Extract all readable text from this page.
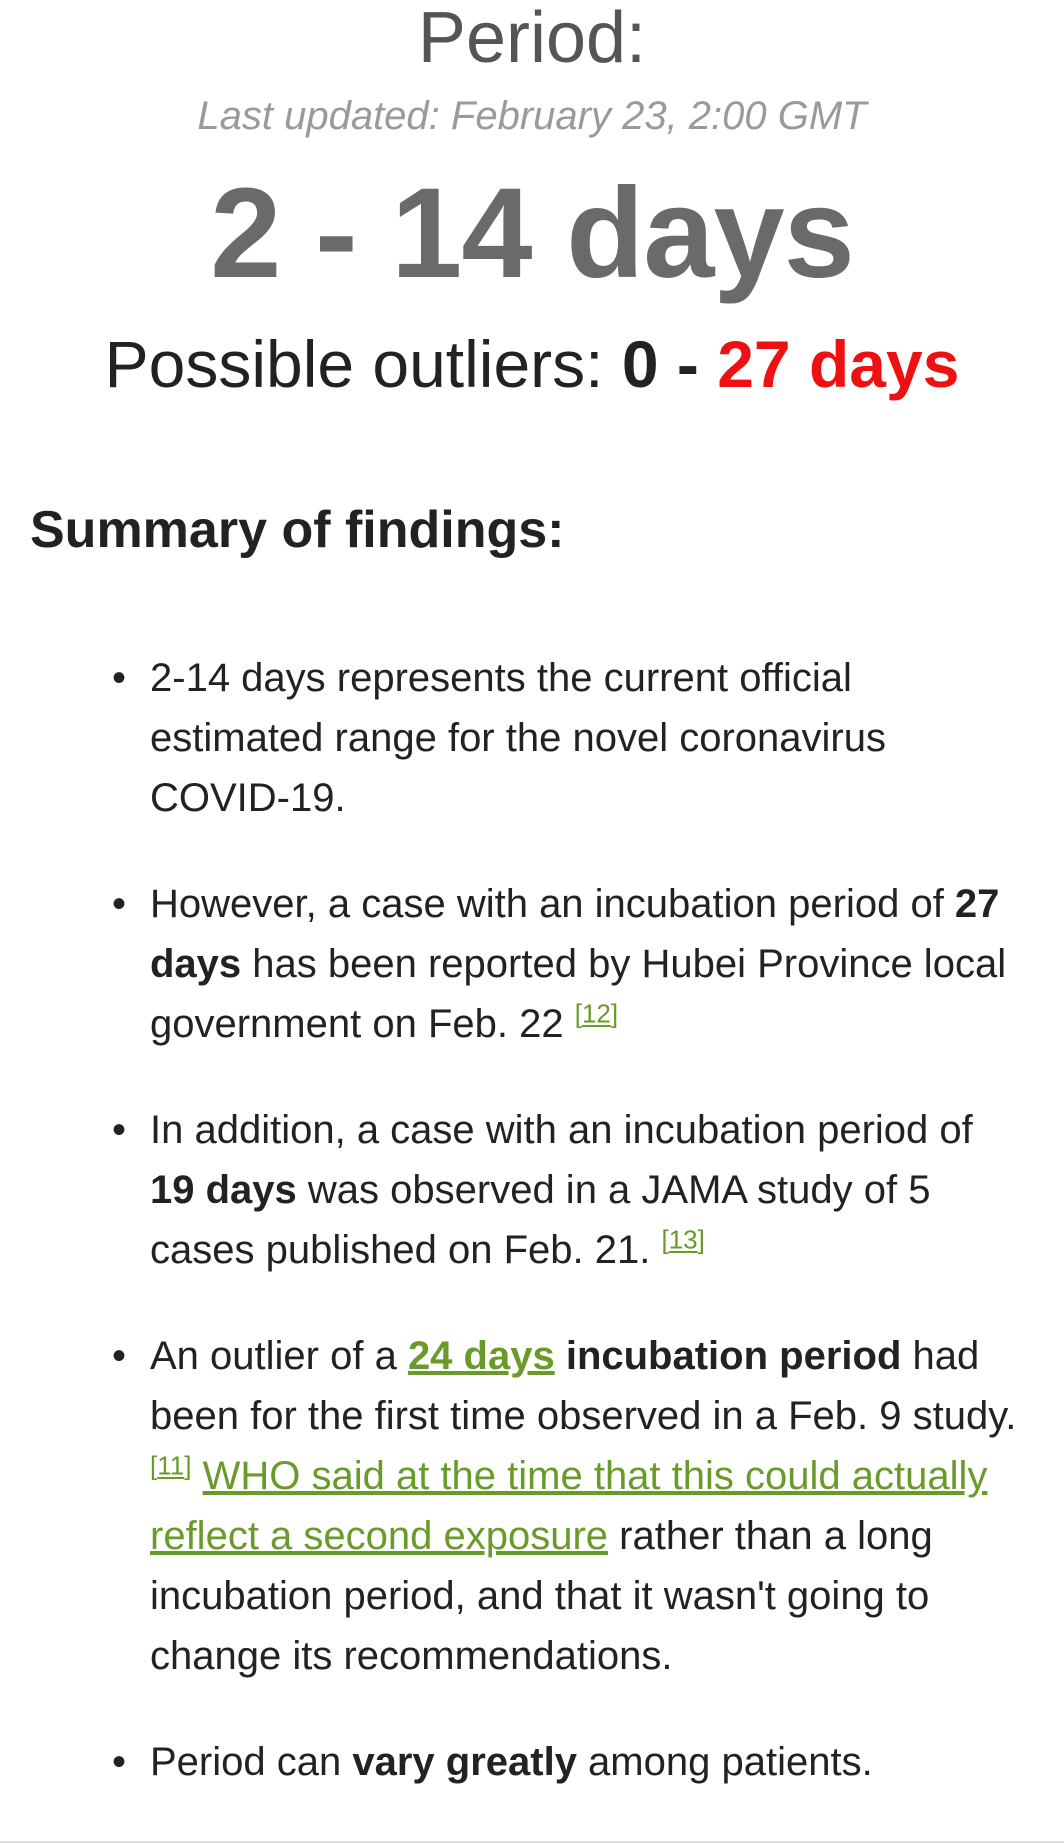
Period:
Last updated: February 23, 2:00 GMT
2 - 14 days
Possible outliers: 0 - 27 days
Summary of findings:
• 2-14 days represents the current official estimated range for the novel coronavirus COVID-19.
• However, a case with an incubation period of 27 days has been reported by Hubei Province local government on Feb. 22 [12]
• In addition, a case with an incubation period of 19 days was observed in a JAMA study of 5 cases published on Feb. 21. [13]
• An outlier of a 24 days incubation period had been for the first time observed in a Feb. 9 study.[11] WHO said at the time that this could actually reflect a second exposure rather than a long incubation period, and that it wasn't going to change its recommendations.
• Period can vary greatly among patients.
